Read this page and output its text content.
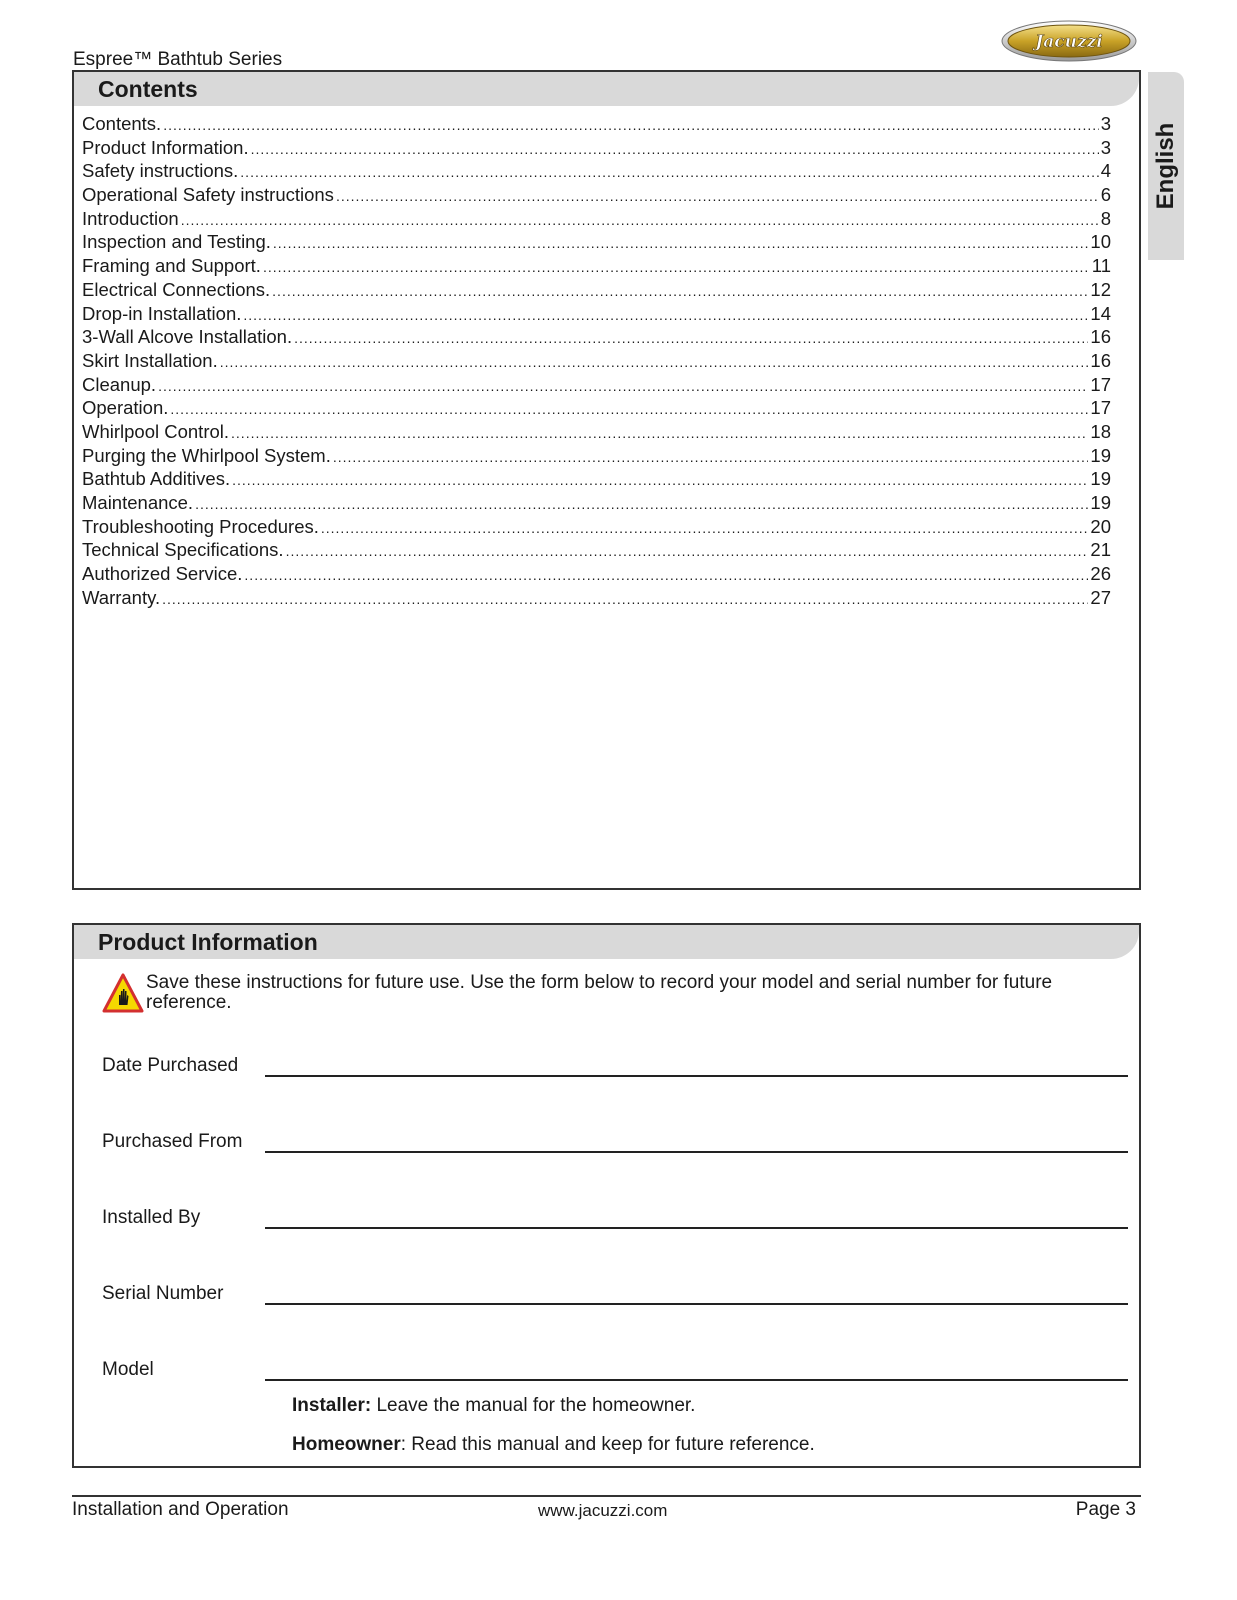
Espree™ Bathtub Series
Jacuzzi
English
Contents
Contents. .....	3
Product Information. .....	3
Safety instructions. .....	4
Operational Safety instructions .....	6
Introduction .....	8
Inspection and Testing. .....	10
Framing and Support. .....	11
Electrical Connections. .....	12
Drop-in Installation. .....	14
3-Wall Alcove Installation. .....	16
Skirt Installation. .....	16
Cleanup. .....	17
Operation. .....	17
Whirlpool Control. .....	18
Purging the Whirlpool System. .....	19
Bathtub Additives. .....	19
Maintenance. .....	19
Troubleshooting Procedures. .....	20
Technical Specifications. .....	21
Authorized Service. .....	26
Warranty. .....	27
Product Information
Save these instructions for future use. Use the form below to record your model and serial number for future reference.
Date Purchased
Purchased From
Installed By
Serial Number
Model
Installer: Leave the manual for the homeowner.
Homeowner: Read this manual and keep for future reference.
Installation and Operation	www.jacuzzi.com	Page 3
